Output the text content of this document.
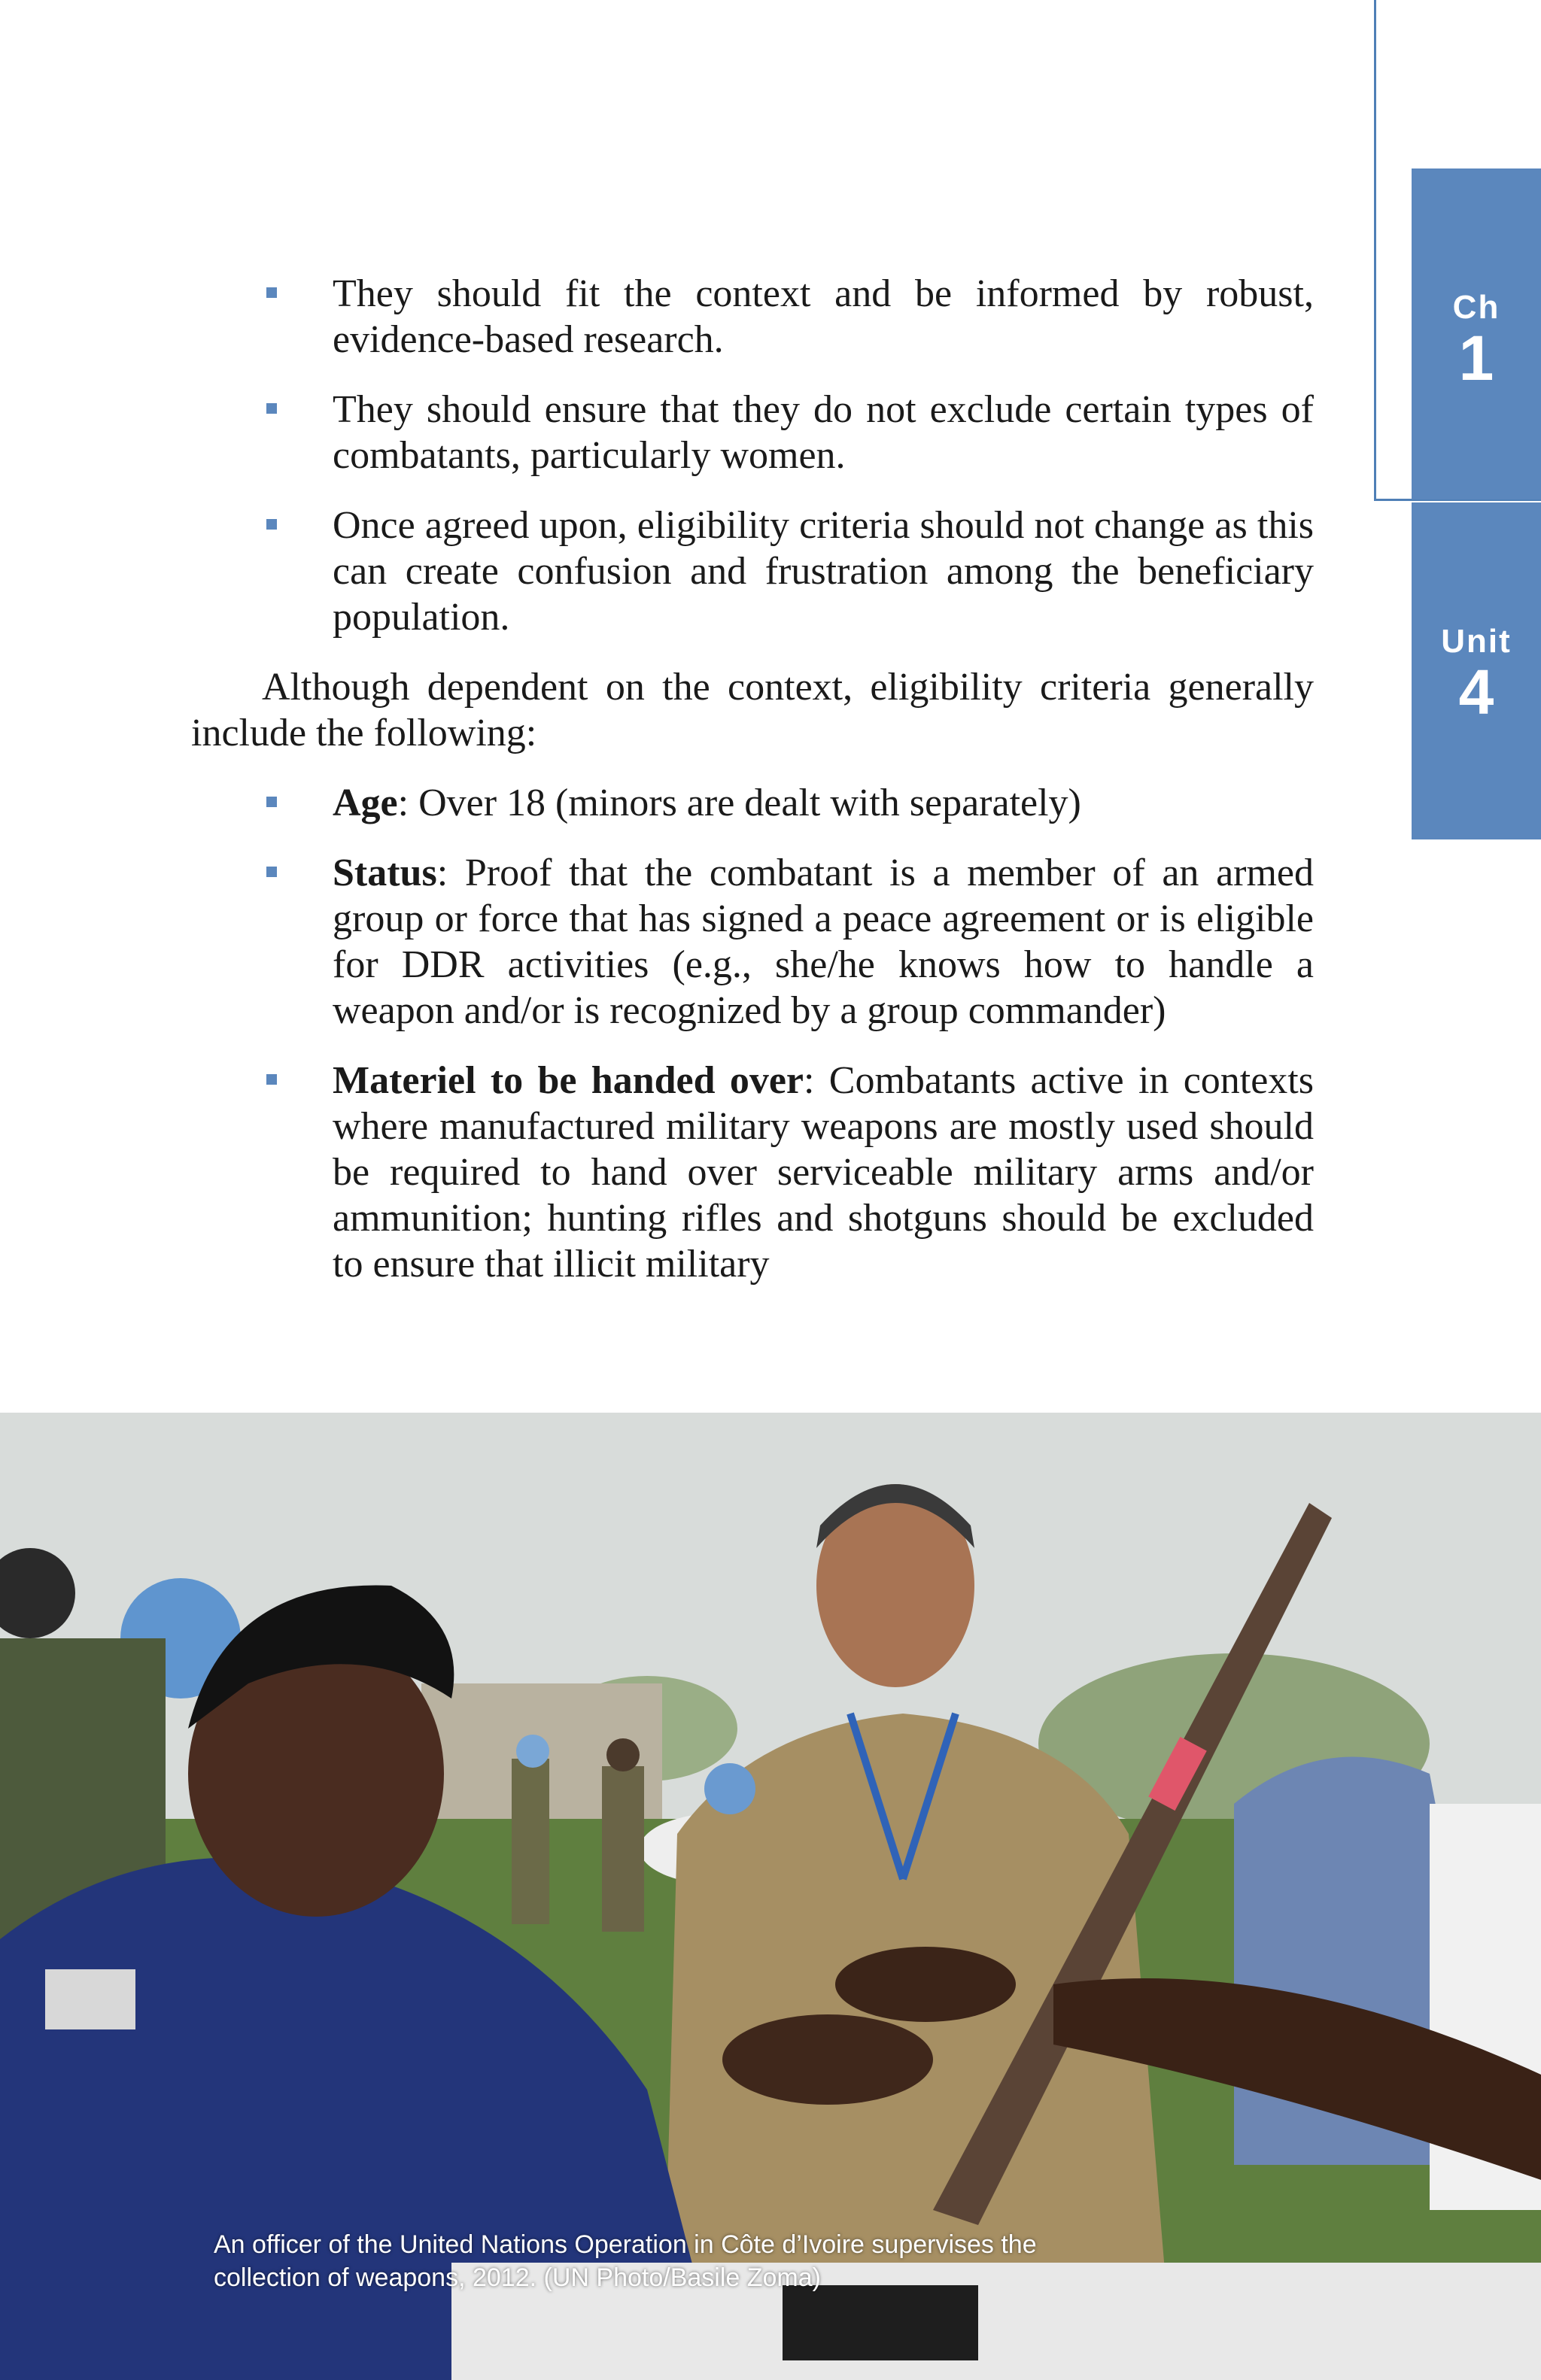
Ch
1
Unit
4
They should fit the context and be informed by robust, evidence-based research.
They should ensure that they do not exclude certain types of combatants, particularly women.
Once agreed upon, eligibility criteria should not change as this can create confusion and frustration among the beneficiary population.

Although dependent on the context, eligibility criteria generally include the following:

Age: Over 18 (minors are dealt with separately)
Status: Proof that the combatant is a member of an armed group or force that has signed a peace agreement or is eligible for DDR activities (e.g., she/he knows how to handle a weapon and/or is recognized by a group commander)
Materiel to be handed over: Combatants active in contexts where manufactured military weapons are mostly used should be required to hand over serviceable military arms and/or ammunition; hunting rifles and shotguns should be excluded to ensure that illicit military
An officer of the United Nations Operation in Côte d’Ivoire supervises the
collection of weapons, 2012. (UN Photo/Basile Zoma)
